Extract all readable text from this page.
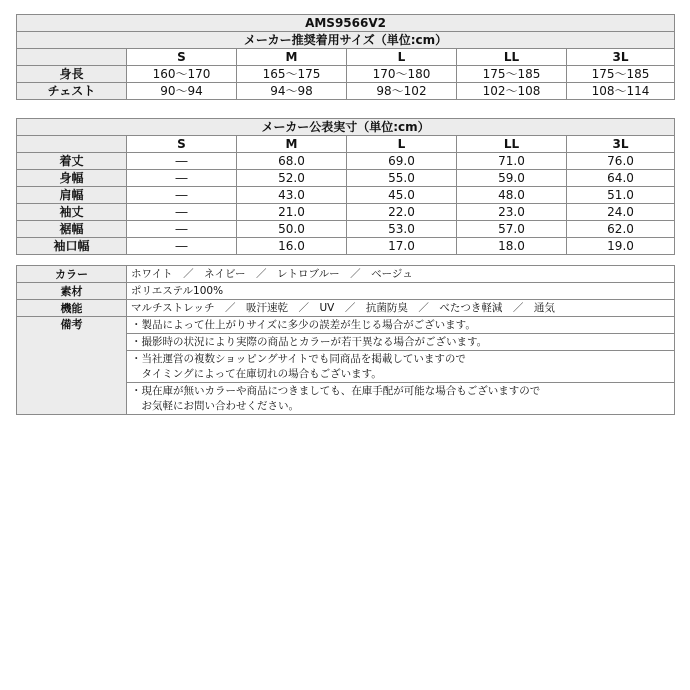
AMS9566V2					
メーカー推奨着用サイズ（単位:cm）					
	S	M	L	LL	3L
身長	160～170	165～175	170～180	175～185	175～185
チェスト	90～94	94～98	98～102	102～108	108～114
メーカー公表実寸（単位:cm）					
	S	M	L	LL	3L
着丈	―	68.0	69.0	71.0	76.0
身幅	―	52.0	55.0	59.0	64.0
肩幅	―	43.0	45.0	48.0	51.0
袖丈	―	21.0	22.0	23.0	24.0
裾幅	―	50.0	53.0	57.0	62.0
袖口幅	―	16.0	17.0	18.0	19.0
カラー	ホワイト　／　ネイビー　／　レトロブルー　／　ベージュ
素材	ポリエステル100%
機能	マルチストレッチ　／　吸汗速乾　／　UV　／　抗菌防臭　／　べたつき軽減　／　通気
備考	・製品によって仕上がりサイズに多少の誤差が生じる場合がございます。
	・撮影時の状況により実際の商品とカラーが若干異なる場合がございます。

	・当社運営の複数ショッピングサイトでも同商品を掲載していますので
　タイミングによって在庫切れの場合もございます。

	・現在庫が無いカラーや商品につきましても、在庫手配が可能な場合もございますので
　お気軽にお問い合わせください。
